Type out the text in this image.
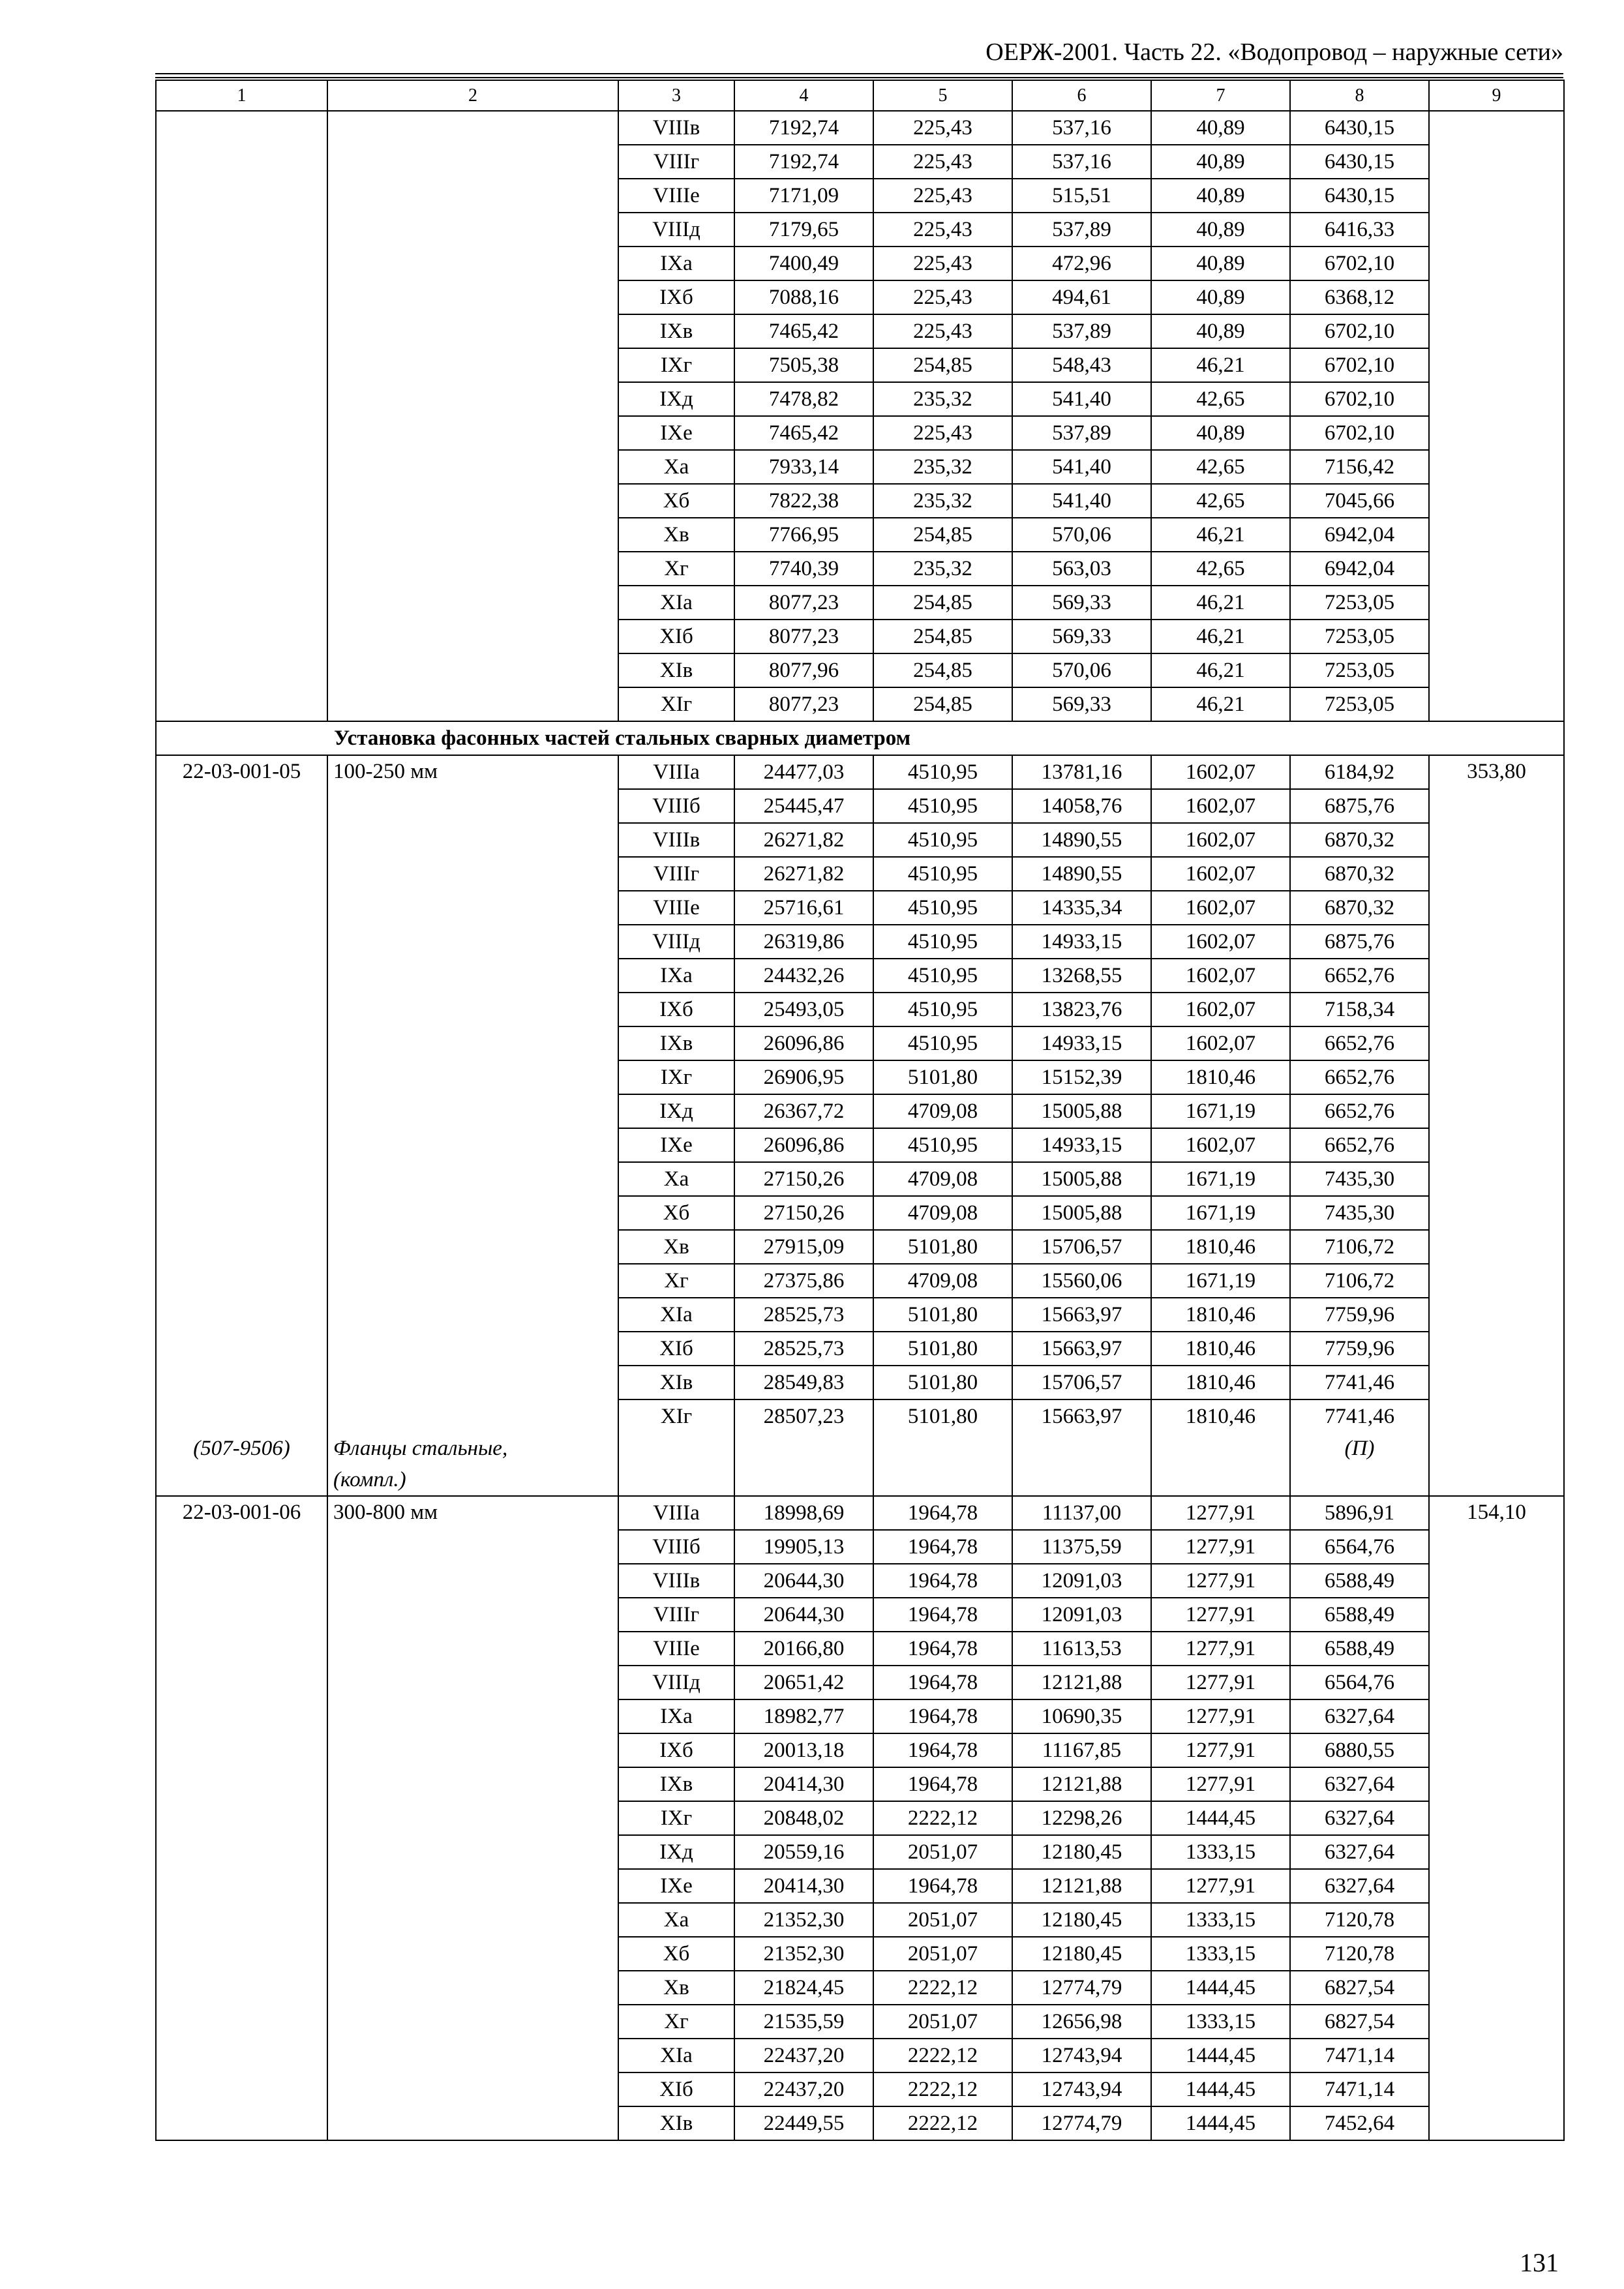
ОЕРЖ-2001. Часть 22. «Водопровод – наружные сети»
1	2	3	4	5	6	7	8	9
		VIIIв	7192,74	225,43	537,16	40,89	6430,15	
		VIIIг	7192,74	225,43	537,16	40,89	6430,15	
		VIIIе	7171,09	225,43	515,51	40,89	6430,15	
		VIIIд	7179,65	225,43	537,89	40,89	6416,33	
		IXа	7400,49	225,43	472,96	40,89	6702,10	
		IXб	7088,16	225,43	494,61	40,89	6368,12	
		IXв	7465,42	225,43	537,89	40,89	6702,10	
		IXг	7505,38	254,85	548,43	46,21	6702,10	
		IXд	7478,82	235,32	541,40	42,65	6702,10	
		IXе	7465,42	225,43	537,89	40,89	6702,10	
		Xа	7933,14	235,32	541,40	42,65	7156,42	
		Xб	7822,38	235,32	541,40	42,65	7045,66	
		Xв	7766,95	254,85	570,06	46,21	6942,04	
		Xг	7740,39	235,32	563,03	42,65	6942,04	
		XIа	8077,23	254,85	569,33	46,21	7253,05	
		XIб	8077,23	254,85	569,33	46,21	7253,05	
		XIв	8077,96	254,85	570,06	46,21	7253,05	
		XIг	8077,23	254,85	569,33	46,21	7253,05	
Установка фасонных частей стальных сварных диаметром								
22-03-001-05	100-250 мм	VIIIа	24477,03	4510,95	13781,16	1602,07	6184,92	353,80
		VIIIб	25445,47	4510,95	14058,76	1602,07	6875,76	
		VIIIв	26271,82	4510,95	14890,55	1602,07	6870,32	
		VIIIг	26271,82	4510,95	14890,55	1602,07	6870,32	
		VIIIе	25716,61	4510,95	14335,34	1602,07	6870,32	
		VIIIд	26319,86	4510,95	14933,15	1602,07	6875,76	
		IXа	24432,26	4510,95	13268,55	1602,07	6652,76	
		IXб	25493,05	4510,95	13823,76	1602,07	7158,34	
		IXв	26096,86	4510,95	14933,15	1602,07	6652,76	
		IXг	26906,95	5101,80	15152,39	1810,46	6652,76	
		IXд	26367,72	4709,08	15005,88	1671,19	6652,76	
		IXе	26096,86	4510,95	14933,15	1602,07	6652,76	
		Xа	27150,26	4709,08	15005,88	1671,19	7435,30	
		Xб	27150,26	4709,08	15005,88	1671,19	7435,30	
		Xв	27915,09	5101,80	15706,57	1810,46	7106,72	
		Xг	27375,86	4709,08	15560,06	1671,19	7106,72	
		XIа	28525,73	5101,80	15663,97	1810,46	7759,96	
		XIб	28525,73	5101,80	15663,97	1810,46	7759,96	
		XIв	28549,83	5101,80	15706,57	1810,46	7741,46	
		XIг	28507,23	5101,80	15663,97	1810,46	7741,46	

(507-9506)	Фланцы стальные,
(компл.)						(П)	

22-03-001-06	300-800 мм	VIIIа	18998,69	1964,78	11137,00	1277,91	5896,91	154,10
		VIIIб	19905,13	1964,78	11375,59	1277,91	6564,76	
		VIIIв	20644,30	1964,78	12091,03	1277,91	6588,49	
		VIIIг	20644,30	1964,78	12091,03	1277,91	6588,49	
		VIIIе	20166,80	1964,78	11613,53	1277,91	6588,49	
		VIIIд	20651,42	1964,78	12121,88	1277,91	6564,76	
		IXа	18982,77	1964,78	10690,35	1277,91	6327,64	
		IXб	20013,18	1964,78	11167,85	1277,91	6880,55	
		IXв	20414,30	1964,78	12121,88	1277,91	6327,64	
		IXг	20848,02	2222,12	12298,26	1444,45	6327,64	
		IXд	20559,16	2051,07	12180,45	1333,15	6327,64	
		IXе	20414,30	1964,78	12121,88	1277,91	6327,64	
		Xа	21352,30	2051,07	12180,45	1333,15	7120,78	
		Xб	21352,30	2051,07	12180,45	1333,15	7120,78	
		Xв	21824,45	2222,12	12774,79	1444,45	6827,54	
		Xг	21535,59	2051,07	12656,98	1333,15	6827,54	
		XIа	22437,20	2222,12	12743,94	1444,45	7471,14	
		XIб	22437,20	2222,12	12743,94	1444,45	7471,14	
		XIв	22449,55	2222,12	12774,79	1444,45	7452,64	
131
